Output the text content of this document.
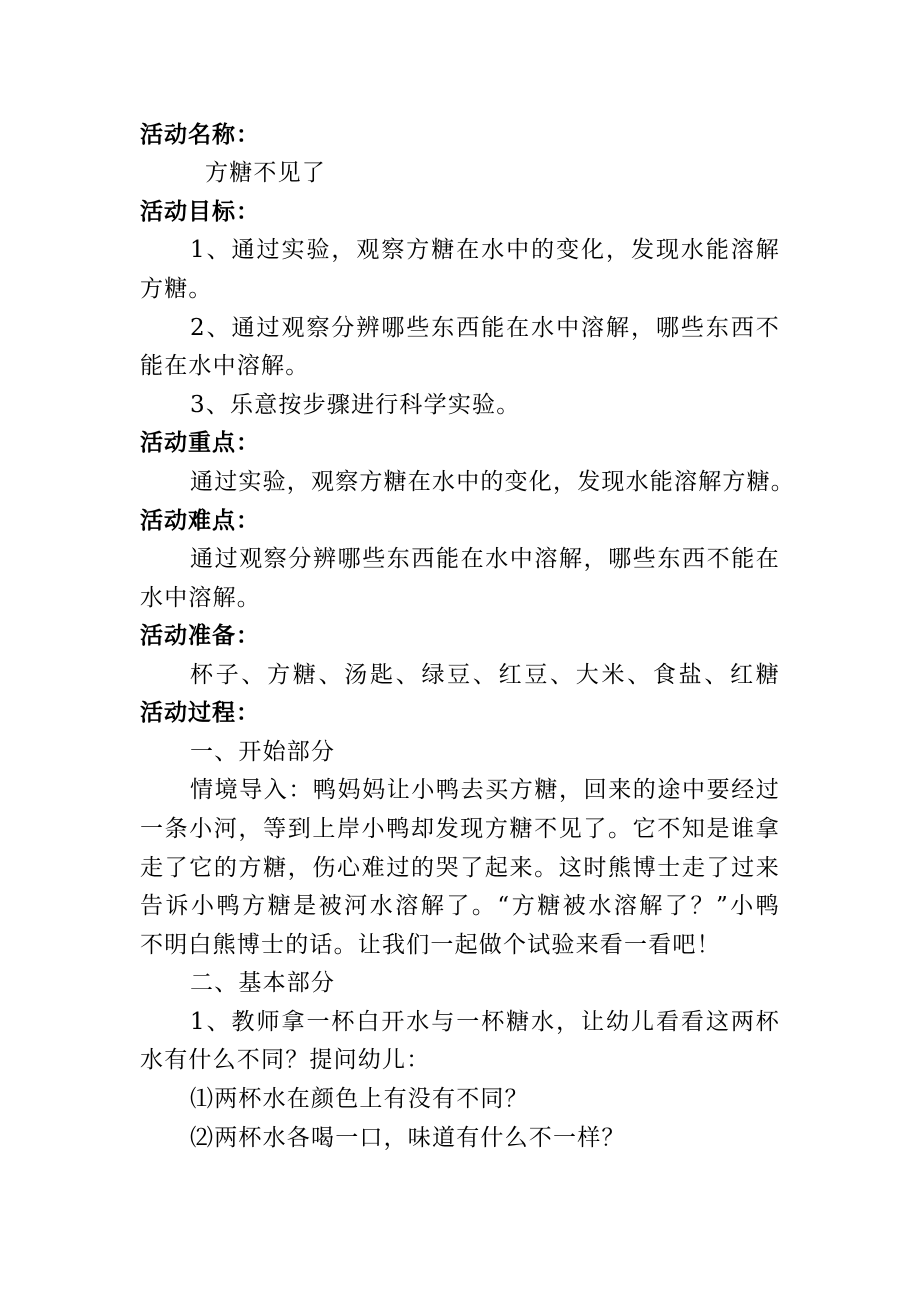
活动名称：
方糖不见了
活动目标：
1、通过实验，观察方糖在水中的变化，发现水能溶解
方糖。
2、通过观察分辨哪些东西能在水中溶解，哪些东西不
能在水中溶解。
3、乐意按步骤进行科学实验。
活动重点：
通过实验，观察方糖在水中的变化，发现水能溶解方糖。
活动难点：
通过观察分辨哪些东西能在水中溶解，哪些东西不能在
水中溶解。
活动准备：
杯子、方糖、汤匙、绿豆、红豆、大米、食盐、红糖
活动过程：
一、开始部分
情境导入：鸭妈妈让小鸭去买方糖，回来的途中要经过
一条小河，等到上岸小鸭却发现方糖不见了。它不知是谁拿
走了它的方糖，伤心难过的哭了起来。这时熊博士走了过来
告诉小鸭方糖是被河水溶解了。“方糖被水溶解了？”小鸭
不明白熊博士的话。让我们一起做个试验来看一看吧！
二、基本部分
1、教师拿一杯白开水与一杯糖水，让幼儿看看这两杯
水有什么不同？提问幼儿：
⑴两杯水在颜色上有没有不同？
⑵两杯水各喝一口，味道有什么不一样？
